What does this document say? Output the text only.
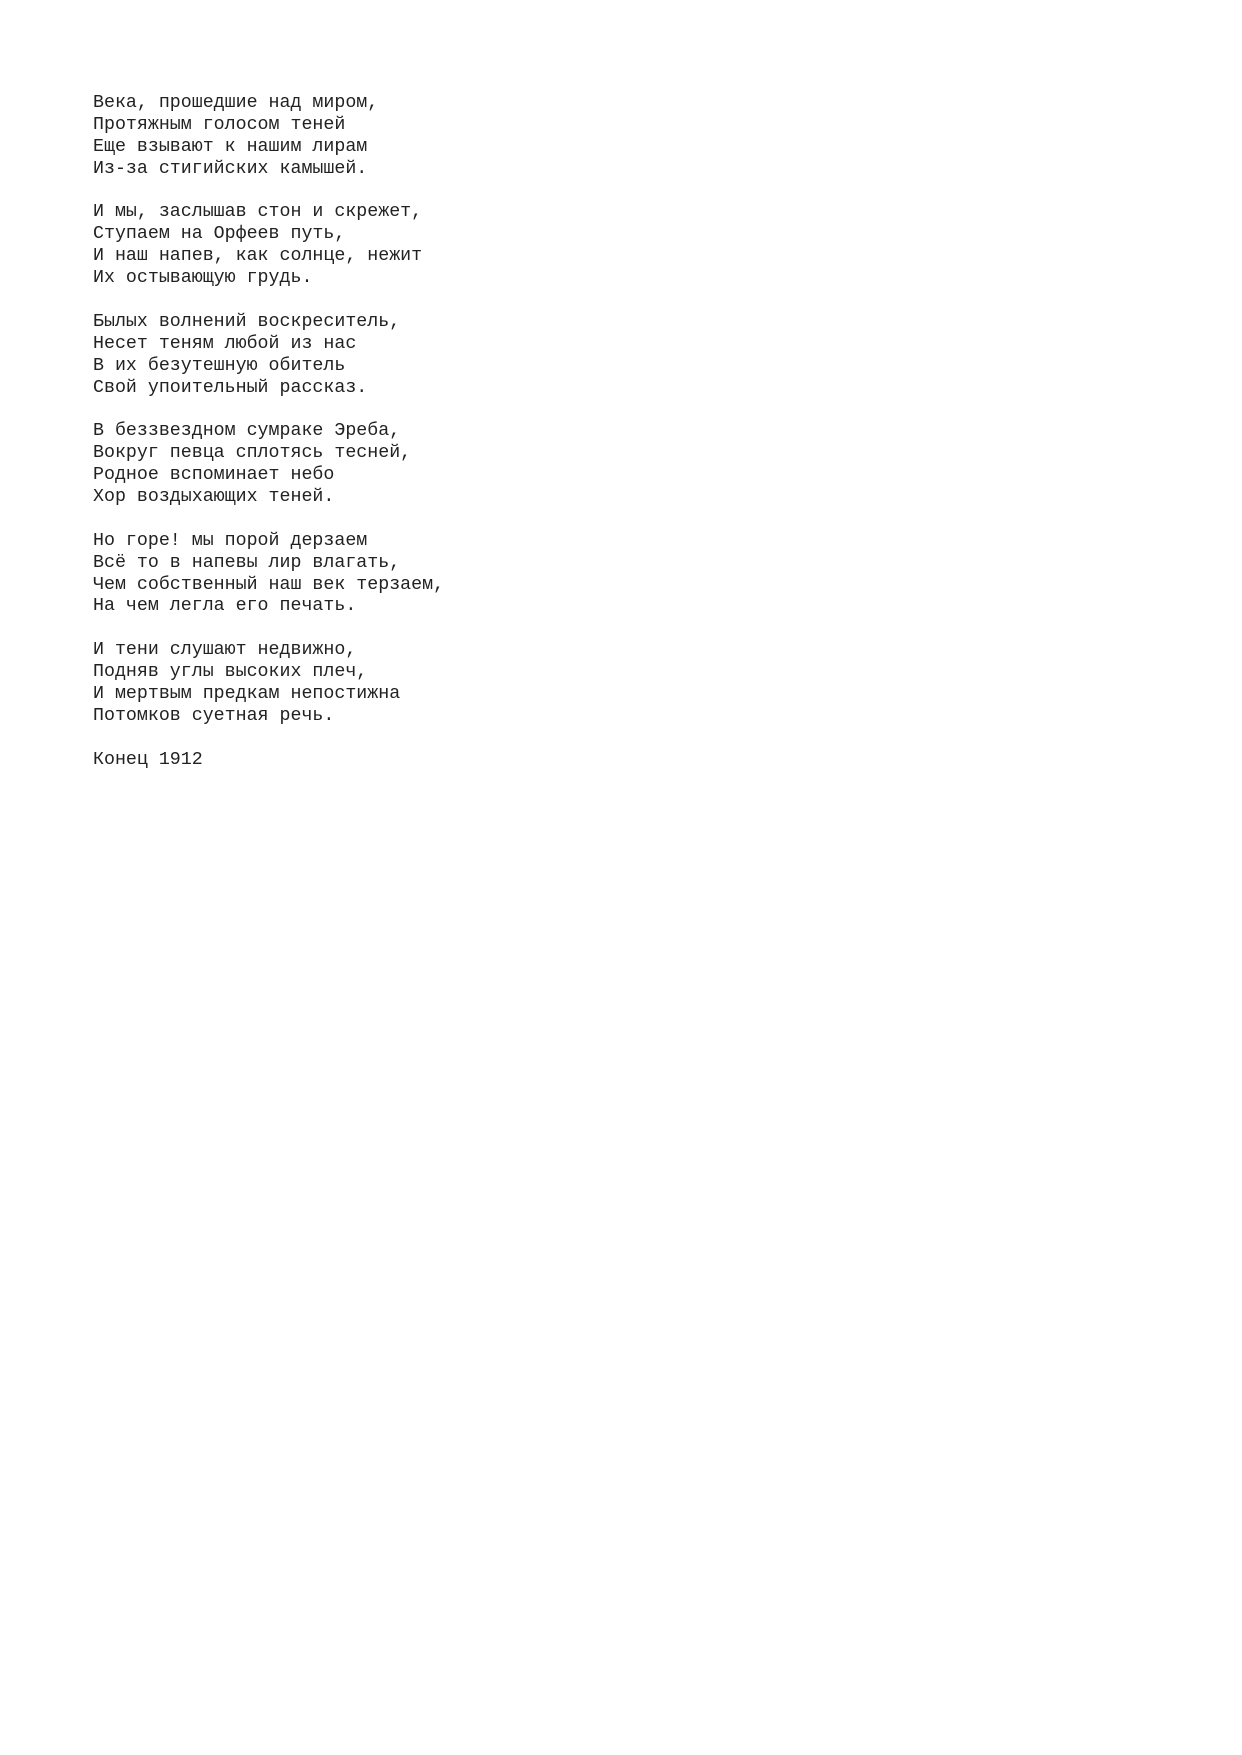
Века, прошедшие над миром,
Протяжным голосом теней
Еще взывают к нашим лирам
Из-за стигийских камышей.
И мы, заслышав стон и скрежет,
Ступаем на Орфеев путь,
И наш напев, как солнце, нежит
Их остывающую грудь.
Былых волнений воскреситель,
Несет теням любой из нас
В их безутешную обитель
Свой упоительный рассказ.
В беззвездном сумраке Эреба,
Вокруг певца сплотясь тесней,
Родное вспоминает небо
Хор воздыхающих теней.
Но горе! мы порой дерзаем
Всё то в напевы лир влагать,
Чем собственный наш век терзаем,
На чем легла его печать.
И тени слушают недвижно,
Подняв углы высоких плеч,
И мертвым предкам непостижна
Потомков суетная речь.
Конец 1912
